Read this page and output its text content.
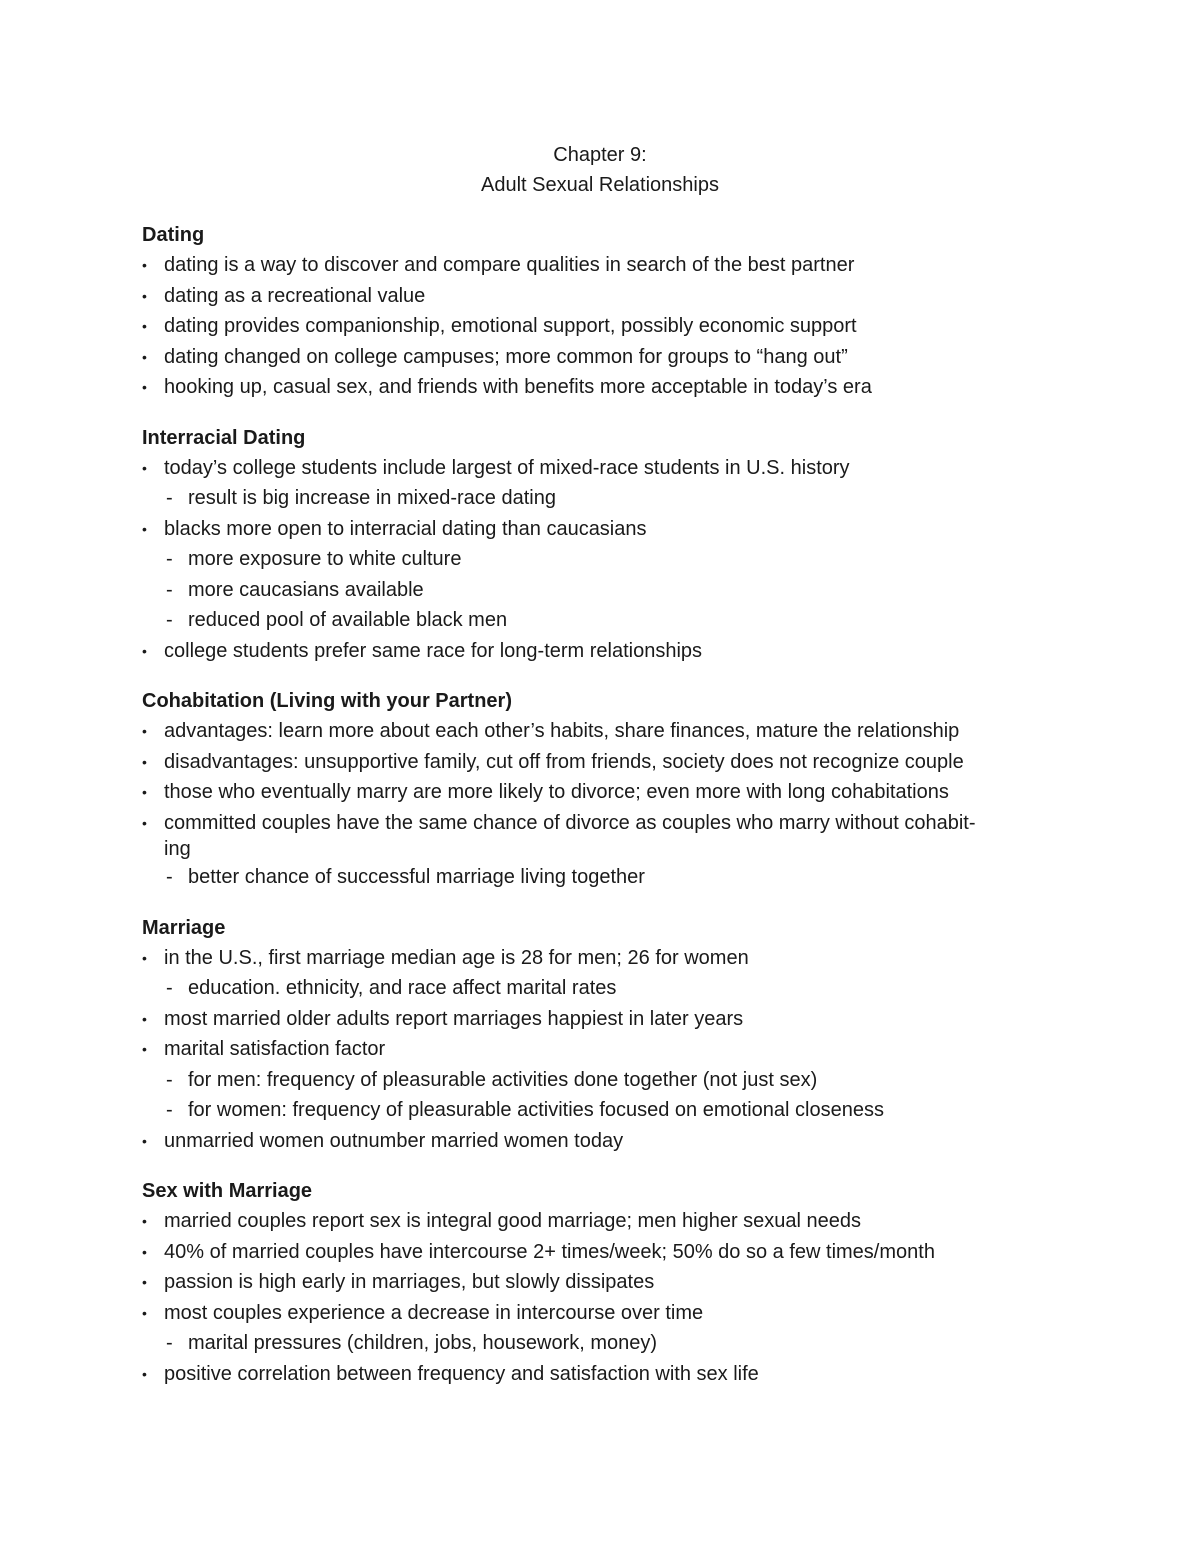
Chapter 9:
Adult Sexual Relationships
Dating
• dating is a way to discover and compare qualities in search of the best partner
• dating as a recreational value
• dating provides companionship, emotional support, possibly economic support
• dating changed on college campuses; more common for groups to “hang out”
• hooking up, casual sex, and friends with benefits more acceptable in today’s era
Interracial Dating
• today’s college students include largest of mixed-race students in U.S. history
- result is big increase in mixed-race dating
• blacks more open to interracial dating than caucasians
- more exposure to white culture
- more caucasians available
- reduced pool of available black men
• college students prefer same race for long-term relationships
Cohabitation (Living with your Partner)
• advantages: learn more about each other’s habits, share finances, mature the relationship
• disadvantages: unsupportive family, cut off from friends, society does not recognize couple
• those who eventually marry are more likely to divorce; even more with long cohabitations
• committed couples have the same chance of divorce as couples who marry without cohabit-
ing
- better chance of successful marriage living together
Marriage
• in the U.S., first marriage median age is 28 for men; 26 for women
- education. ethnicity, and race affect marital rates
• most married older adults report marriages happiest in later years
• marital satisfaction factor
- for men: frequency of pleasurable activities done together (not just sex)
- for women: frequency of pleasurable activities focused on emotional closeness
• unmarried women outnumber married women today
Sex with Marriage
• married couples report sex is integral good marriage; men higher sexual needs
• 40% of married couples have intercourse 2+ times/week; 50% do so a few times/month
• passion is high early in marriages, but slowly dissipates
• most couples experience a decrease in intercourse over time
- marital pressures (children, jobs, housework, money)
• positive correlation between frequency and satisfaction with sex life
